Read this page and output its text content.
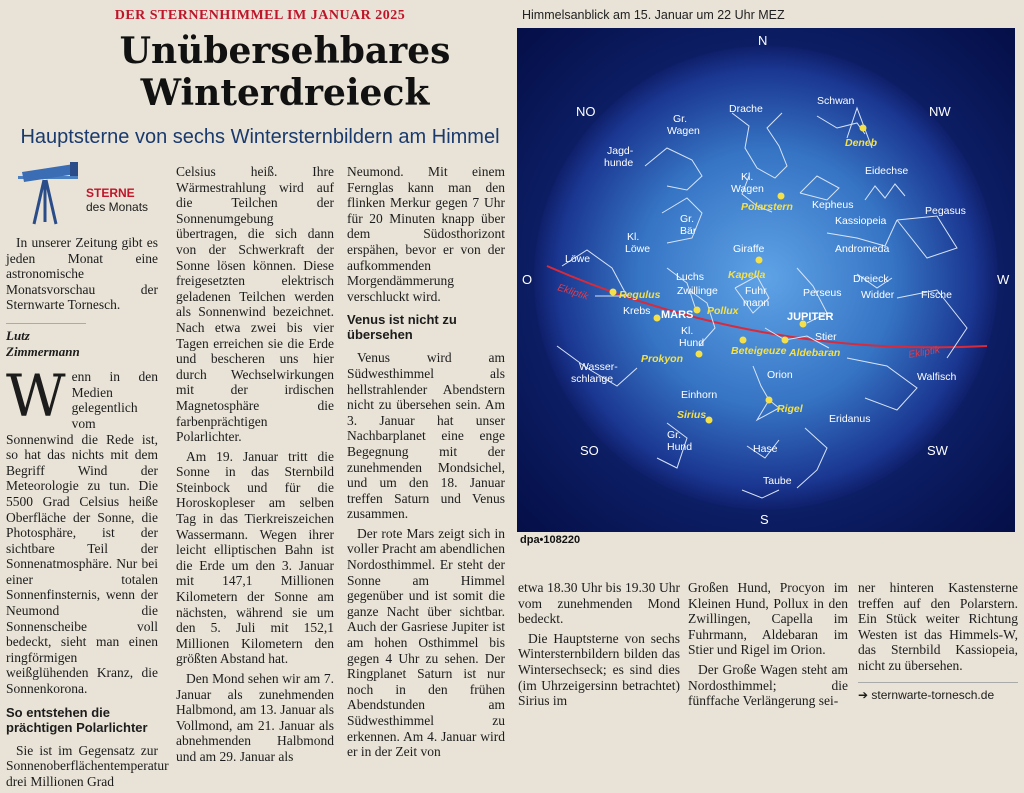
DER STERNENHIMMEL IM JANUAR 2025
Unübersehbares
Winterdreieck
Hauptsterne von sechs Wintersternbildern am Himmel
STERNE
des Monats

In unserer Zeitung gibt es jeden Monat eine astronomische Monatsvorschau der Sternwarte Tornesch.

Lutz Zimmermann

Wenn in den Medien gelegentlich vom Sonnenwind die Rede ist, so hat das nichts mit dem Begriff Wind der Meteorologie zu tun. Die 5500 Grad Celsius heiße Oberfläche der Sonne, die Photosphäre, ist der sichtbare Teil der Sonnenatmosphäre. Nur bei einer totalen Sonnenfinsternis, wenn der Neumond die Sonnenscheibe voll bedeckt, sieht man einen ringförmigen weißglühenden Kranz, die Sonnenkorona.

So entstehen die prächtigen Polarlichter

Sie ist im Gegensatz zur Sonnenoberflächentemperatur drei Millionen Grad

Celsius heiß. Ihre Wärmestrahlung wird auf die Teilchen der Sonnenumgebung übertragen, die sich dann von der Schwerkraft der Sonne lösen können. Diese freigesetzten elektrisch geladenen Teilchen werden als Sonnenwind bezeichnet. Nach etwa zwei bis vier Tagen erreichen sie die Erde und bescheren uns hier durch Wechselwirkungen mit der irdischen Magnetosphäre die farbenprächtigen Polarlichter.

Am 19. Januar tritt die Sonne in das Sternbild Steinbock und für die Horoskopleser am selben Tag in das Tierkreiszeichen Wassermann. Wegen ihrer leicht elliptischen Bahn ist die Erde um den 3. Januar mit 147,1 Millionen Kilometern der Sonne am nächsten, während sie um den 5. Juli mit 152,1 Millionen Kilometern den größten Abstand hat.

Den Mond sehen wir am 7. Januar als zunehmenden Halbmond, am 13. Januar als Vollmond, am 21. Januar als abnehmenden Halbmond und am 29. Januar als

Neumond. Mit einem Fernglas kann man den flinken Merkur gegen 7 Uhr für 20 Minuten knapp über dem Südosthorizont erspähen, bevor er von der aufkommenden Morgendämmerung verschluckt wird.

Venus ist nicht zu übersehen

Venus wird am Südwesthimmel als hellstrahlender Abendstern nicht zu übersehen sein. Am 3. Januar hat unser Nachbarplanet eine enge Begegnung mit der zunehmenden Mondsichel, und um den 18. Januar treffen Saturn und Venus zusammen.

Der rote Mars zeigt sich in voller Pracht am abendlichen Nordosthimmel. Er steht der Sonne am Himmel gegenüber und ist somit die ganze Nacht über sichtbar. Auch der Gasriese Jupiter ist am hohen Osthimmel bis gegen 4 Uhr zu sehen. Der Ringplanet Saturn ist nur noch in den frühen Abendstunden am Südwesthimmel zu erkennen. Am 4. Januar wird er in der Zeit von

etwa 18.30 Uhr bis 19.30 Uhr vom zunehmenden Mond bedeckt.

Die Hauptsterne von sechs Wintersternbildern bilden das Wintersechseck; es sind dies (im Uhrzeigersinn betrachtet) Sirius im

Großen Hund, Procyon im Kleinen Hund, Pollux in den Zwillingen, Capella im Fuhrmann, Aldebaran im Stier und Rigel im Orion.

Der Große Wagen steht am Nordosthimmel; die fünffache Verlängerung sei-

ner hinteren Kastensterne treffen auf den Polarstern. Ein Stück weiter Richtung Westen ist das Himmels-W, das Sternbild Kassiopeia, nicht zu übersehen.

➔ sternwarte-tornesch.de
Himmelsanblick am 15. Januar um 22 Uhr MEZ
Ekliptik
Ekliptik
N
NO	NW
O	W
SO	SW
S
Drache
Schwan
Gr.
Wagen
Jagd-
hunde
Kl.
Wagen
Eidechse
Kepheus
Kassiopeia
Pegasus
Gr.
Bär
Kl.
Löwe	Giraffe	Andromeda
Löwe
Luchs
Zwillinge	Fuhr
mann
Perseus
Dreieck
Widder	Fische
Krebs
Kl.
Hund	Stier
Wasser-
schlange	Orion	Walfisch
Einhorn
Eridanus
Gr.
Hund	Hase
Taube
Deneb
Polarstern
Kapella
Regulus
Pollux
Prokyon
Beteigeuze Aldebaran
Rigel
Sirius
MARS	JUPITER
dpa•108220
